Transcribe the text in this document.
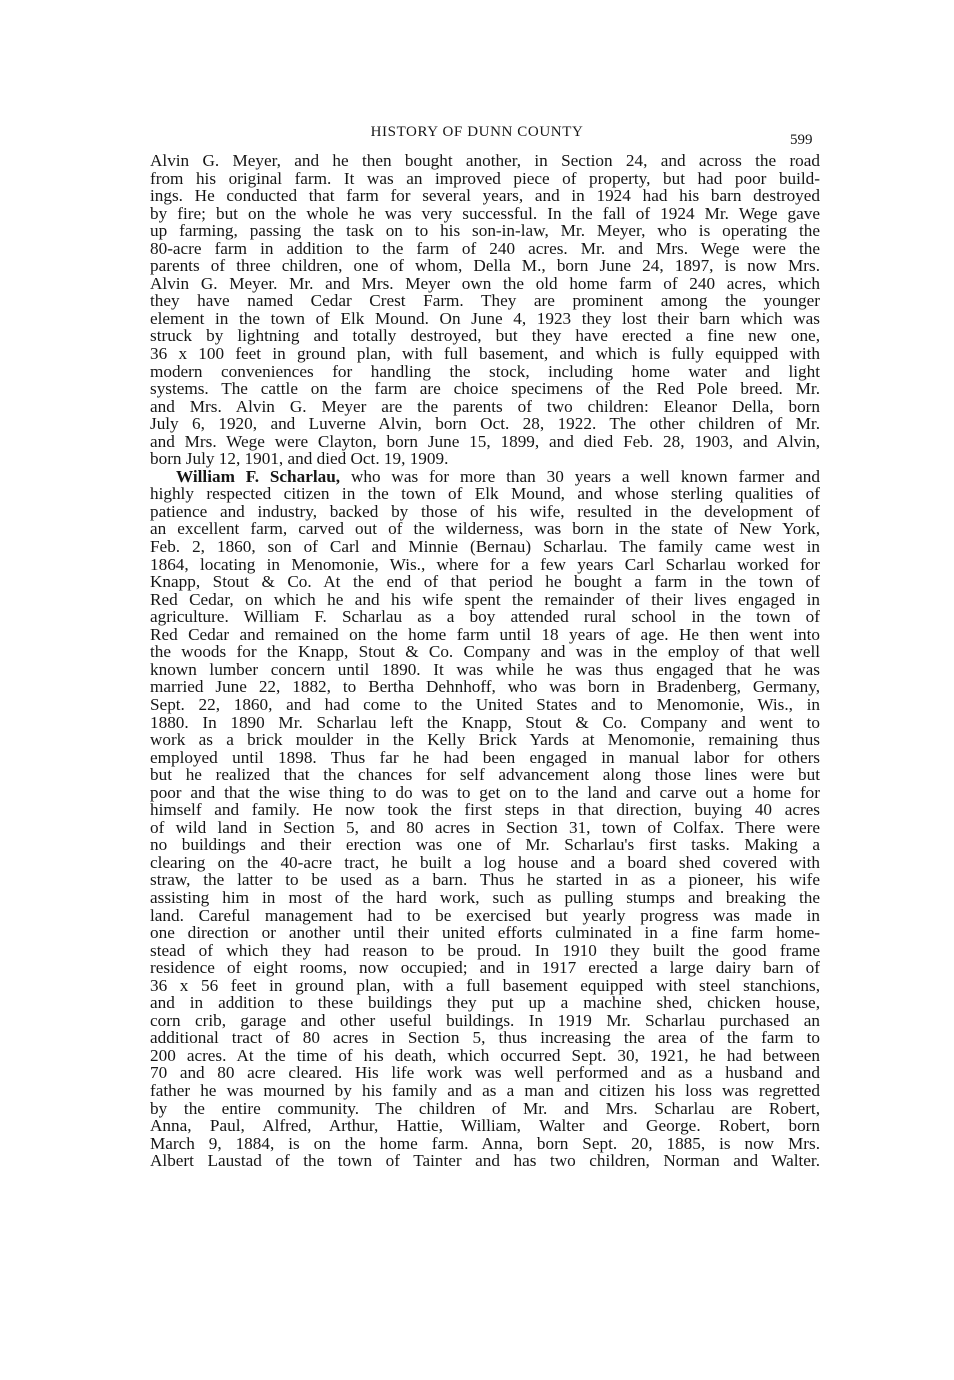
HISTORY OF DUNN COUNTY	599
Alvin G. Meyer, and he then bought another, in Section 24, and across the road
from his original farm. It was an improved piece of property, but had poor build-
ings. He conducted that farm for several years, and in 1924 had his barn destroyed
by fire; but on the whole he was very successful. In the fall of 1924 Mr. Wege gave
up farming, passing the task on to his son-in-law, Mr. Meyer, who is operating the
80-acre farm in addition to the farm of 240 acres. Mr. and Mrs. Wege were the
parents of three children, one of whom, Della M., born June 24, 1897, is now Mrs.
Alvin G. Meyer. Mr. and Mrs. Meyer own the old home farm of 240 acres, which
they have named Cedar Crest Farm. They are prominent among the younger
element in the town of Elk Mound. On June 4, 1923 they lost their barn which was
struck by lightning and totally destroyed, but they have erected a fine new one,
36 x 100 feet in ground plan, with full basement, and which is fully equipped with
modern conveniences for handling the stock, including home water and light
systems. The cattle on the farm are choice specimens of the Red Pole breed. Mr.
and Mrs. Alvin G. Meyer are the parents of two children: Eleanor Della, born
July 6, 1920, and Luverne Alvin, born Oct. 28, 1922. The other children of Mr.
and Mrs. Wege were Clayton, born June 15, 1899, and died Feb. 28, 1903, and Alvin,
born July 12, 1901, and died Oct. 19, 1909.
William F. Scharlau, who was for more than 30 years a well known farmer and
highly respected citizen in the town of Elk Mound, and whose sterling qualities of
patience and industry, backed by those of his wife, resulted in the development of
an excellent farm, carved out of the wilderness, was born in the state of New York,
Feb. 2, 1860, son of Carl and Minnie (Bernau) Scharlau. The family came west in
1864, locating in Menomonie, Wis., where for a few years Carl Scharlau worked for
Knapp, Stout & Co. At the end of that period he bought a farm in the town of
Red Cedar, on which he and his wife spent the remainder of their lives engaged in
agriculture. William F. Scharlau as a boy attended rural school in the town of
Red Cedar and remained on the home farm until 18 years of age. He then went into
the woods for the Knapp, Stout & Co. Company and was in the employ of that well
known lumber concern until 1890. It was while he was thus engaged that he was
married June 22, 1882, to Bertha Dehnhoff, who was born in Bradenberg, Germany,
Sept. 22, 1860, and had come to the United States and to Menomonie, Wis., in
1880. In 1890 Mr. Scharlau left the Knapp, Stout & Co. Company and went to
work as a brick moulder in the Kelly Brick Yards at Menomonie, remaining thus
employed until 1898. Thus far he had been engaged in manual labor for others
but he realized that the chances for self advancement along those lines were but
poor and that the wise thing to do was to get on to the land and carve out a home for
himself and family. He now took the first steps in that direction, buying 40 acres
of wild land in Section 5, and 80 acres in Section 31, town of Colfax. There were
no buildings and their erection was one of Mr. Scharlau's first tasks. Making a
clearing on the 40-acre tract, he built a log house and a board shed covered with
straw, the latter to be used as a barn. Thus he started in as a pioneer, his wife
assisting him in most of the hard work, such as pulling stumps and breaking the
land. Careful management had to be exercised but yearly progress was made in
one direction or another until their united efforts culminated in a fine farm home-
stead of which they had reason to be proud. In 1910 they built the good frame
residence of eight rooms, now occupied; and in 1917 erected a large dairy barn of
36 x 56 feet in ground plan, with a full basement equipped with steel stanchions,
and in addition to these buildings they put up a machine shed, chicken house,
corn crib, garage and other useful buildings. In 1919 Mr. Scharlau purchased an
additional tract of 80 acres in Section 5, thus increasing the area of the farm to
200 acres. At the time of his death, which occurred Sept. 30, 1921, he had between
70 and 80 acre cleared. His life work was well performed and as a husband and
father he was mourned by his family and as a man and citizen his loss was regretted
by the entire community. The children of Mr. and Mrs. Scharlau are Robert,
Anna, Paul, Alfred, Arthur, Hattie, William, Walter and George. Robert, born
March 9, 1884, is on the home farm. Anna, born Sept. 20, 1885, is now Mrs.
Albert Laustad of the town of Tainter and has two children, Norman and Walter.
